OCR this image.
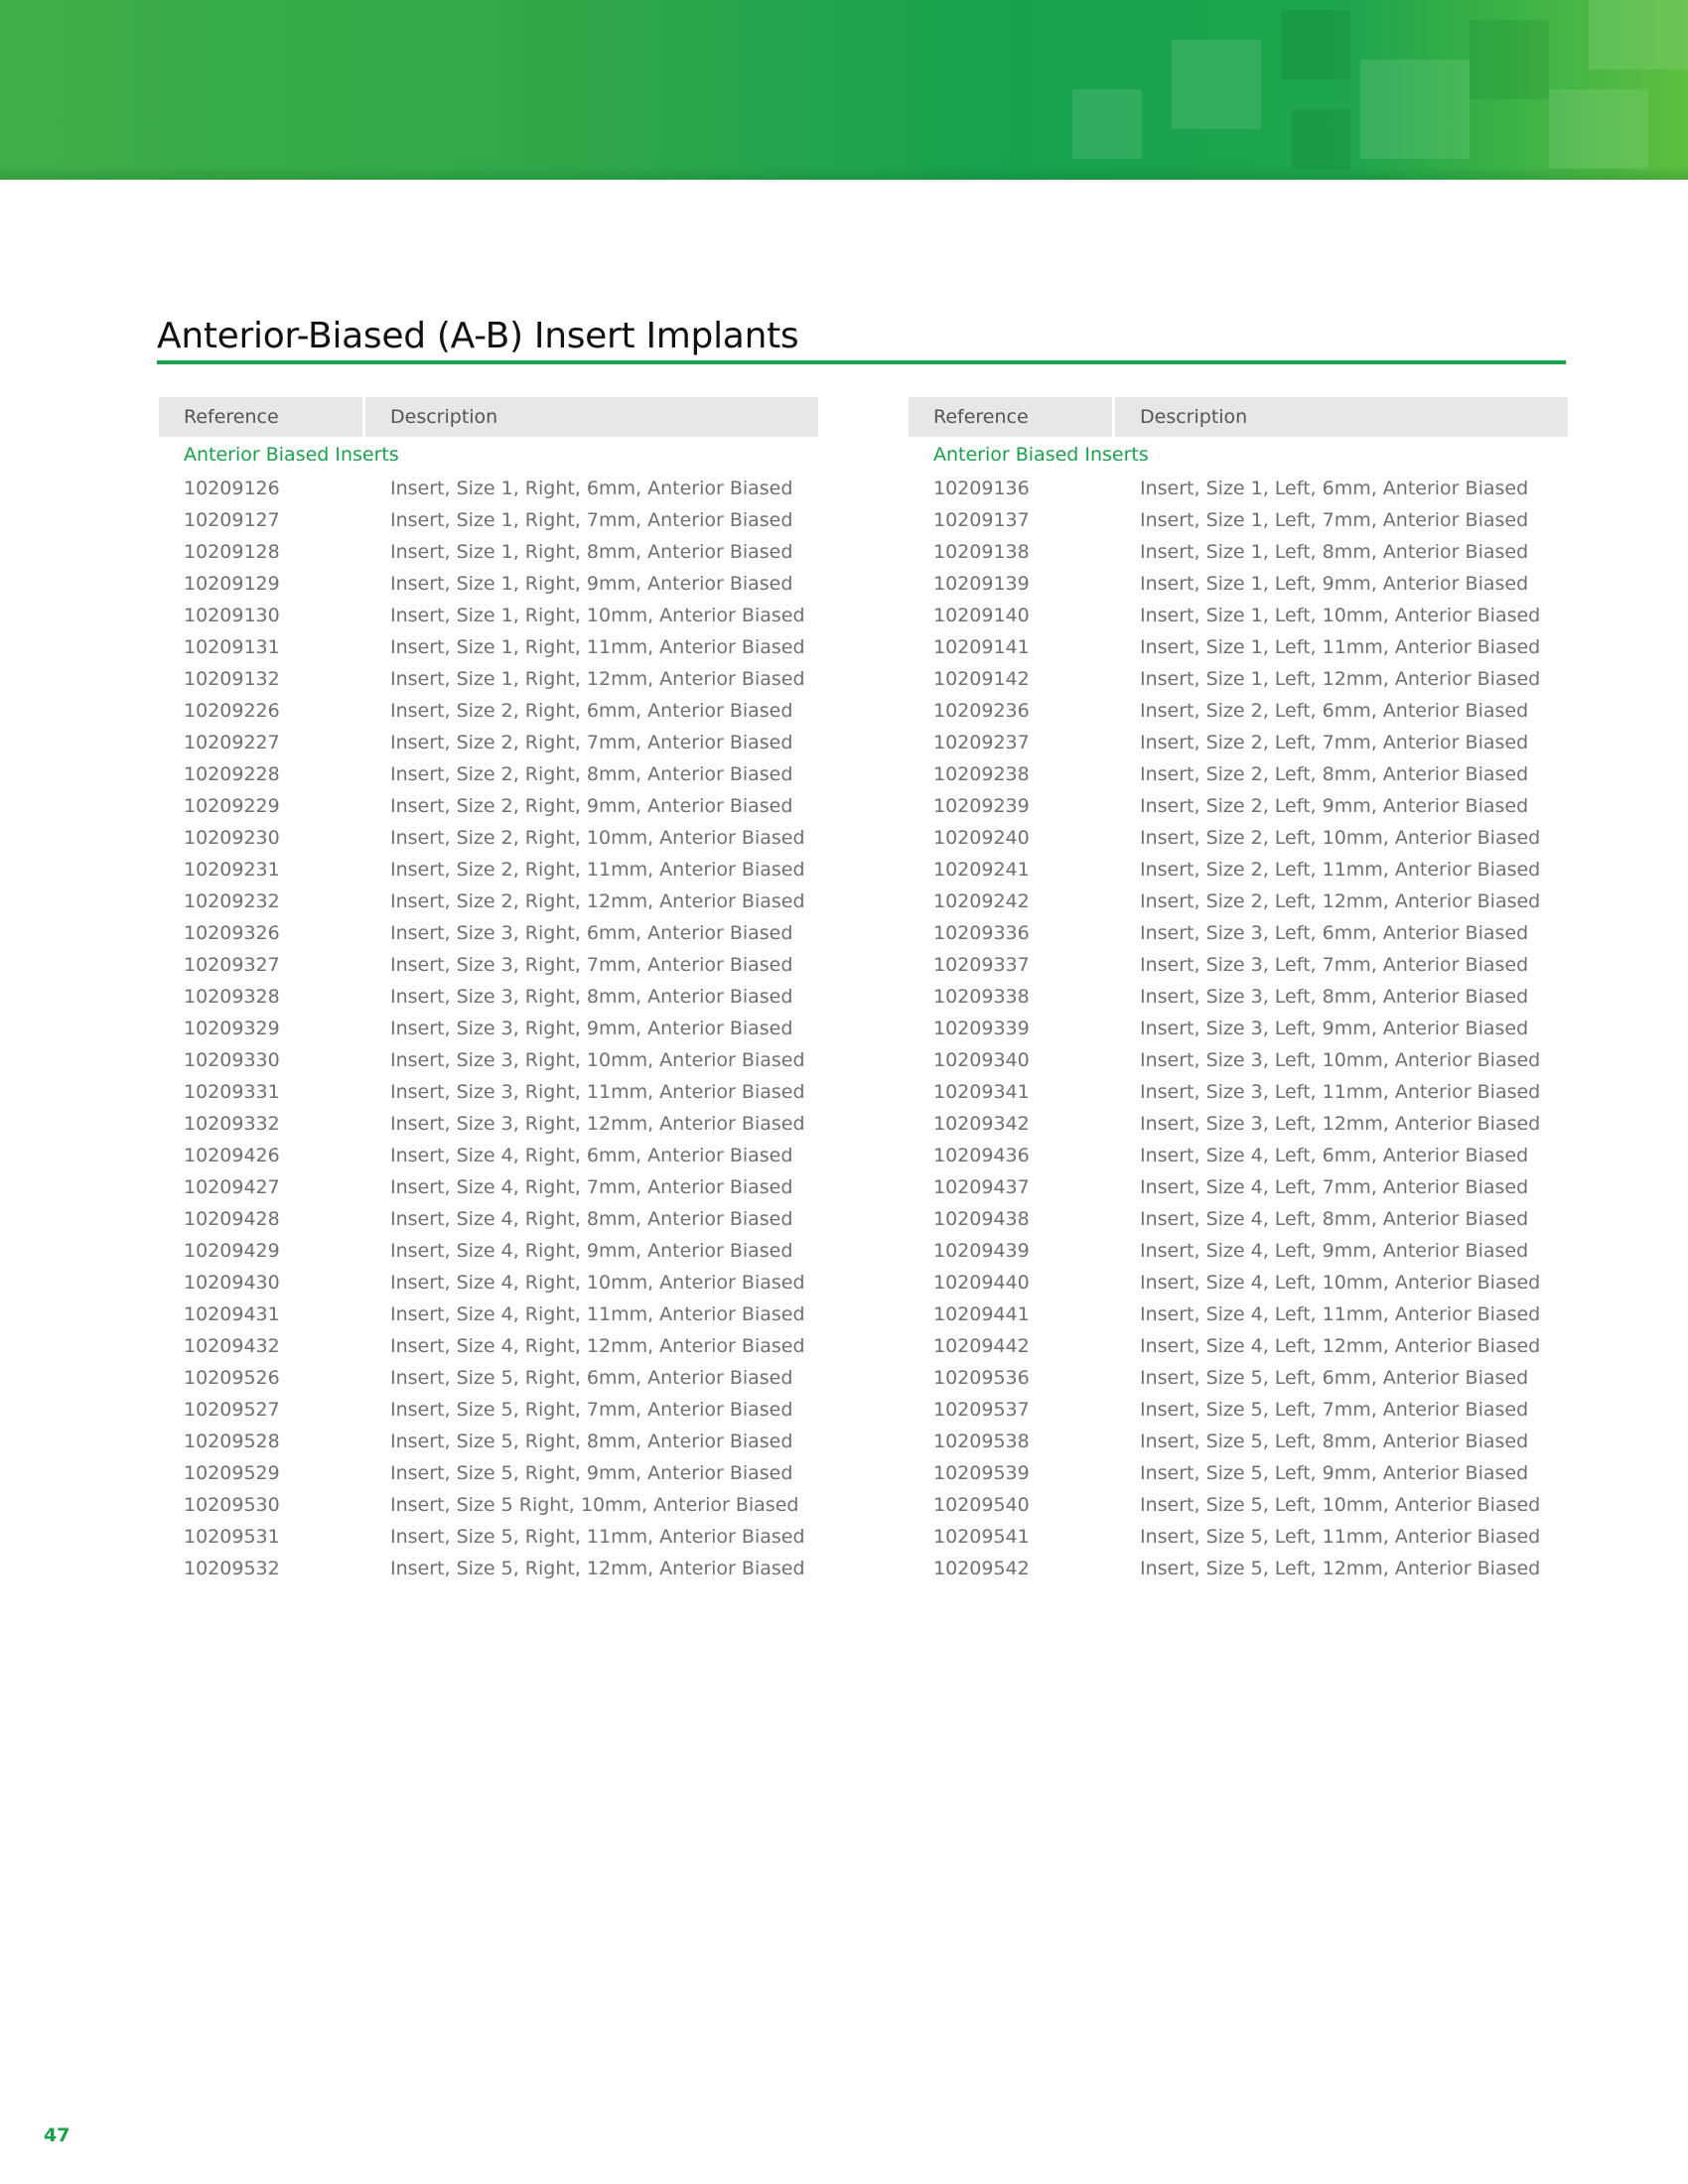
Anterior-Biased (A-B) Insert Implants
Reference	Description
Anterior Biased Inserts
10209126	Insert, Size 1, Right, 6mm, Anterior Biased
10209127	Insert, Size 1, Right, 7mm, Anterior Biased
10209128	Insert, Size 1, Right, 8mm, Anterior Biased
10209129	Insert, Size 1, Right, 9mm, Anterior Biased
10209130	Insert, Size 1, Right, 10mm, Anterior Biased
10209131	Insert, Size 1, Right, 11mm, Anterior Biased
10209132	Insert, Size 1, Right, 12mm, Anterior Biased
10209226	Insert, Size 2, Right, 6mm, Anterior Biased
10209227	Insert, Size 2, Right, 7mm, Anterior Biased
10209228	Insert, Size 2, Right, 8mm, Anterior Biased
10209229	Insert, Size 2, Right, 9mm, Anterior Biased
10209230	Insert, Size 2, Right, 10mm, Anterior Biased
10209231	Insert, Size 2, Right, 11mm, Anterior Biased
10209232	Insert, Size 2, Right, 12mm, Anterior Biased
10209326	Insert, Size 3, Right, 6mm, Anterior Biased
10209327	Insert, Size 3, Right, 7mm, Anterior Biased
10209328	Insert, Size 3, Right, 8mm, Anterior Biased
10209329	Insert, Size 3, Right, 9mm, Anterior Biased
10209330	Insert, Size 3, Right, 10mm, Anterior Biased
10209331	Insert, Size 3, Right, 11mm, Anterior Biased
10209332	Insert, Size 3, Right, 12mm, Anterior Biased
10209426	Insert, Size 4, Right, 6mm, Anterior Biased
10209427	Insert, Size 4, Right, 7mm, Anterior Biased
10209428	Insert, Size 4, Right, 8mm, Anterior Biased
10209429	Insert, Size 4, Right, 9mm, Anterior Biased
10209430	Insert, Size 4, Right, 10mm, Anterior Biased
10209431	Insert, Size 4, Right, 11mm, Anterior Biased
10209432	Insert, Size 4, Right, 12mm, Anterior Biased
10209526	Insert, Size 5, Right, 6mm, Anterior Biased
10209527	Insert, Size 5, Right, 7mm, Anterior Biased
10209528	Insert, Size 5, Right, 8mm, Anterior Biased
10209529	Insert, Size 5, Right, 9mm, Anterior Biased
10209530	Insert, Size 5 Right, 10mm, Anterior Biased
10209531	Insert, Size 5, Right, 11mm, Anterior Biased
10209532	Insert, Size 5, Right, 12mm, Anterior Biased
Reference	Description
Anterior Biased Inserts
10209136	Insert, Size 1, Left, 6mm, Anterior Biased
10209137	Insert, Size 1, Left, 7mm, Anterior Biased
10209138	Insert, Size 1, Left, 8mm, Anterior Biased
10209139	Insert, Size 1, Left, 9mm, Anterior Biased
10209140	Insert, Size 1, Left, 10mm, Anterior Biased
10209141	Insert, Size 1, Left, 11mm, Anterior Biased
10209142	Insert, Size 1, Left, 12mm, Anterior Biased
10209236	Insert, Size 2, Left, 6mm, Anterior Biased
10209237	Insert, Size 2, Left, 7mm, Anterior Biased
10209238	Insert, Size 2, Left, 8mm, Anterior Biased
10209239	Insert, Size 2, Left, 9mm, Anterior Biased
10209240	Insert, Size 2, Left, 10mm, Anterior Biased
10209241	Insert, Size 2, Left, 11mm, Anterior Biased
10209242	Insert, Size 2, Left, 12mm, Anterior Biased
10209336	Insert, Size 3, Left, 6mm, Anterior Biased
10209337	Insert, Size 3, Left, 7mm, Anterior Biased
10209338	Insert, Size 3, Left, 8mm, Anterior Biased
10209339	Insert, Size 3, Left, 9mm, Anterior Biased
10209340	Insert, Size 3, Left, 10mm, Anterior Biased
10209341	Insert, Size 3, Left, 11mm, Anterior Biased
10209342	Insert, Size 3, Left, 12mm, Anterior Biased
10209436	Insert, Size 4, Left, 6mm, Anterior Biased
10209437	Insert, Size 4, Left, 7mm, Anterior Biased
10209438	Insert, Size 4, Left, 8mm, Anterior Biased
10209439	Insert, Size 4, Left, 9mm, Anterior Biased
10209440	Insert, Size 4, Left, 10mm, Anterior Biased
10209441	Insert, Size 4, Left, 11mm, Anterior Biased
10209442	Insert, Size 4, Left, 12mm, Anterior Biased
10209536	Insert, Size 5, Left, 6mm, Anterior Biased
10209537	Insert, Size 5, Left, 7mm, Anterior Biased
10209538	Insert, Size 5, Left, 8mm, Anterior Biased
10209539	Insert, Size 5, Left, 9mm, Anterior Biased
10209540	Insert, Size 5, Left, 10mm, Anterior Biased
10209541	Insert, Size 5, Left, 11mm, Anterior Biased
10209542	Insert, Size 5, Left, 12mm, Anterior Biased
47
